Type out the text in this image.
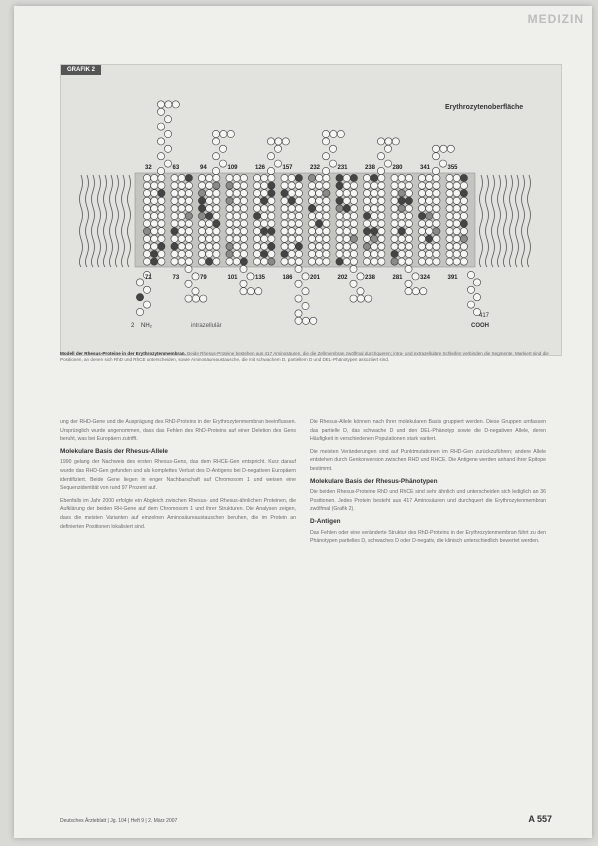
MEDIZIN
GRAFIK 2
Erythrozytenoberfläche
32	63	94	109	126	157	232	231	238	280	341	355
71	73	79	101	135	186	201	202	238	281	324	391
2 NH₂	intrazellulär
417
COOH
Modell der Rhesus-Proteine in der Erythrozytenmembran. Beide Rhesus-Proteine bestehen aus 417 Aminosäuren, die die Zellmembran zwölfmal durchqueren; intra- und extrazelluläre Schleifen verbinden die Segmente. Markiert sind die Positionen, an denen sich RhD und RhCE unterscheiden, sowie Aminosäureaustausche, die mit schwachem D, partiellem D und DEL-Phänotypen assoziiert sind.

ung der RHD-Gene und die Ausprägung des RhD-Proteins in der Erythrozytenmembran beeinflussen. Ursprünglich wurde angenommen, dass das Fehlen des RhD-Proteins auf einer Deletion des Gens beruht, was bei Europäern zutrifft.

Molekulare Basis der Rhesus-Allele

1990 gelang der Nachweis des ersten Rhesus-Gens, das dem RHCE-Gen entspricht. Kurz darauf wurde das RHD-Gen gefunden und als komplettes Verlust des D-Antigens bei D-negativen Europäern identifiziert. Beide Gene liegen in enger Nachbarschaft auf Chromosom 1 und weisen eine Sequenzidentität von rund 97 Prozent auf.

Ebenfalls im Jahr 2000 erfolgte ein Abgleich zwischen Rhesus- und Rhesus-ähnlichen Proteinen, die Aufklärung der beiden RH-Gene auf dem Chromosom 1 und ihrer Strukturen. Die Analysen zeigen, dass die meisten Varianten auf einzelnen Aminosäureaustauschen beruhen, die im Protein an definierten Positionen lokalisiert sind.

Die Rhesus-Allele können nach ihrer molekularen Basis gruppiert werden. Diese Gruppen umfassen das partielle D, das schwache D und den DEL-Phänotyp sowie die D-negativen Allele, deren Häufigkeit in verschiedenen Populationen stark variiert.

Die meisten Veränderungen sind auf Punktmutationen im RHD-Gen zurückzuführen; andere Allele entstehen durch Genkonversion zwischen RHD und RHCE. Die Antigene werden anhand ihrer Epitope bestimmt.

Molekulare Basis der Rhesus-Phänotypen

Die beiden Rhesus-Proteine RhD und RhCE sind sehr ähnlich und unterscheiden sich lediglich an 36 Positionen. Jedes Protein besteht aus 417 Aminosäuren und durchquert die Erythrozytenmembran zwölfmal (Grafik 2).

D-Antigen

Das Fehlen oder eine veränderte Struktur des RhD-Proteins in der Erythrozytenmembran führt zu den Phänotypen partielles D, schwaches D oder D-negativ, die klinisch unterschiedlich bewertet werden.

Deutsches Ärzteblatt | Jg. 104 | Heft 9 | 2. März 2007	A 557
